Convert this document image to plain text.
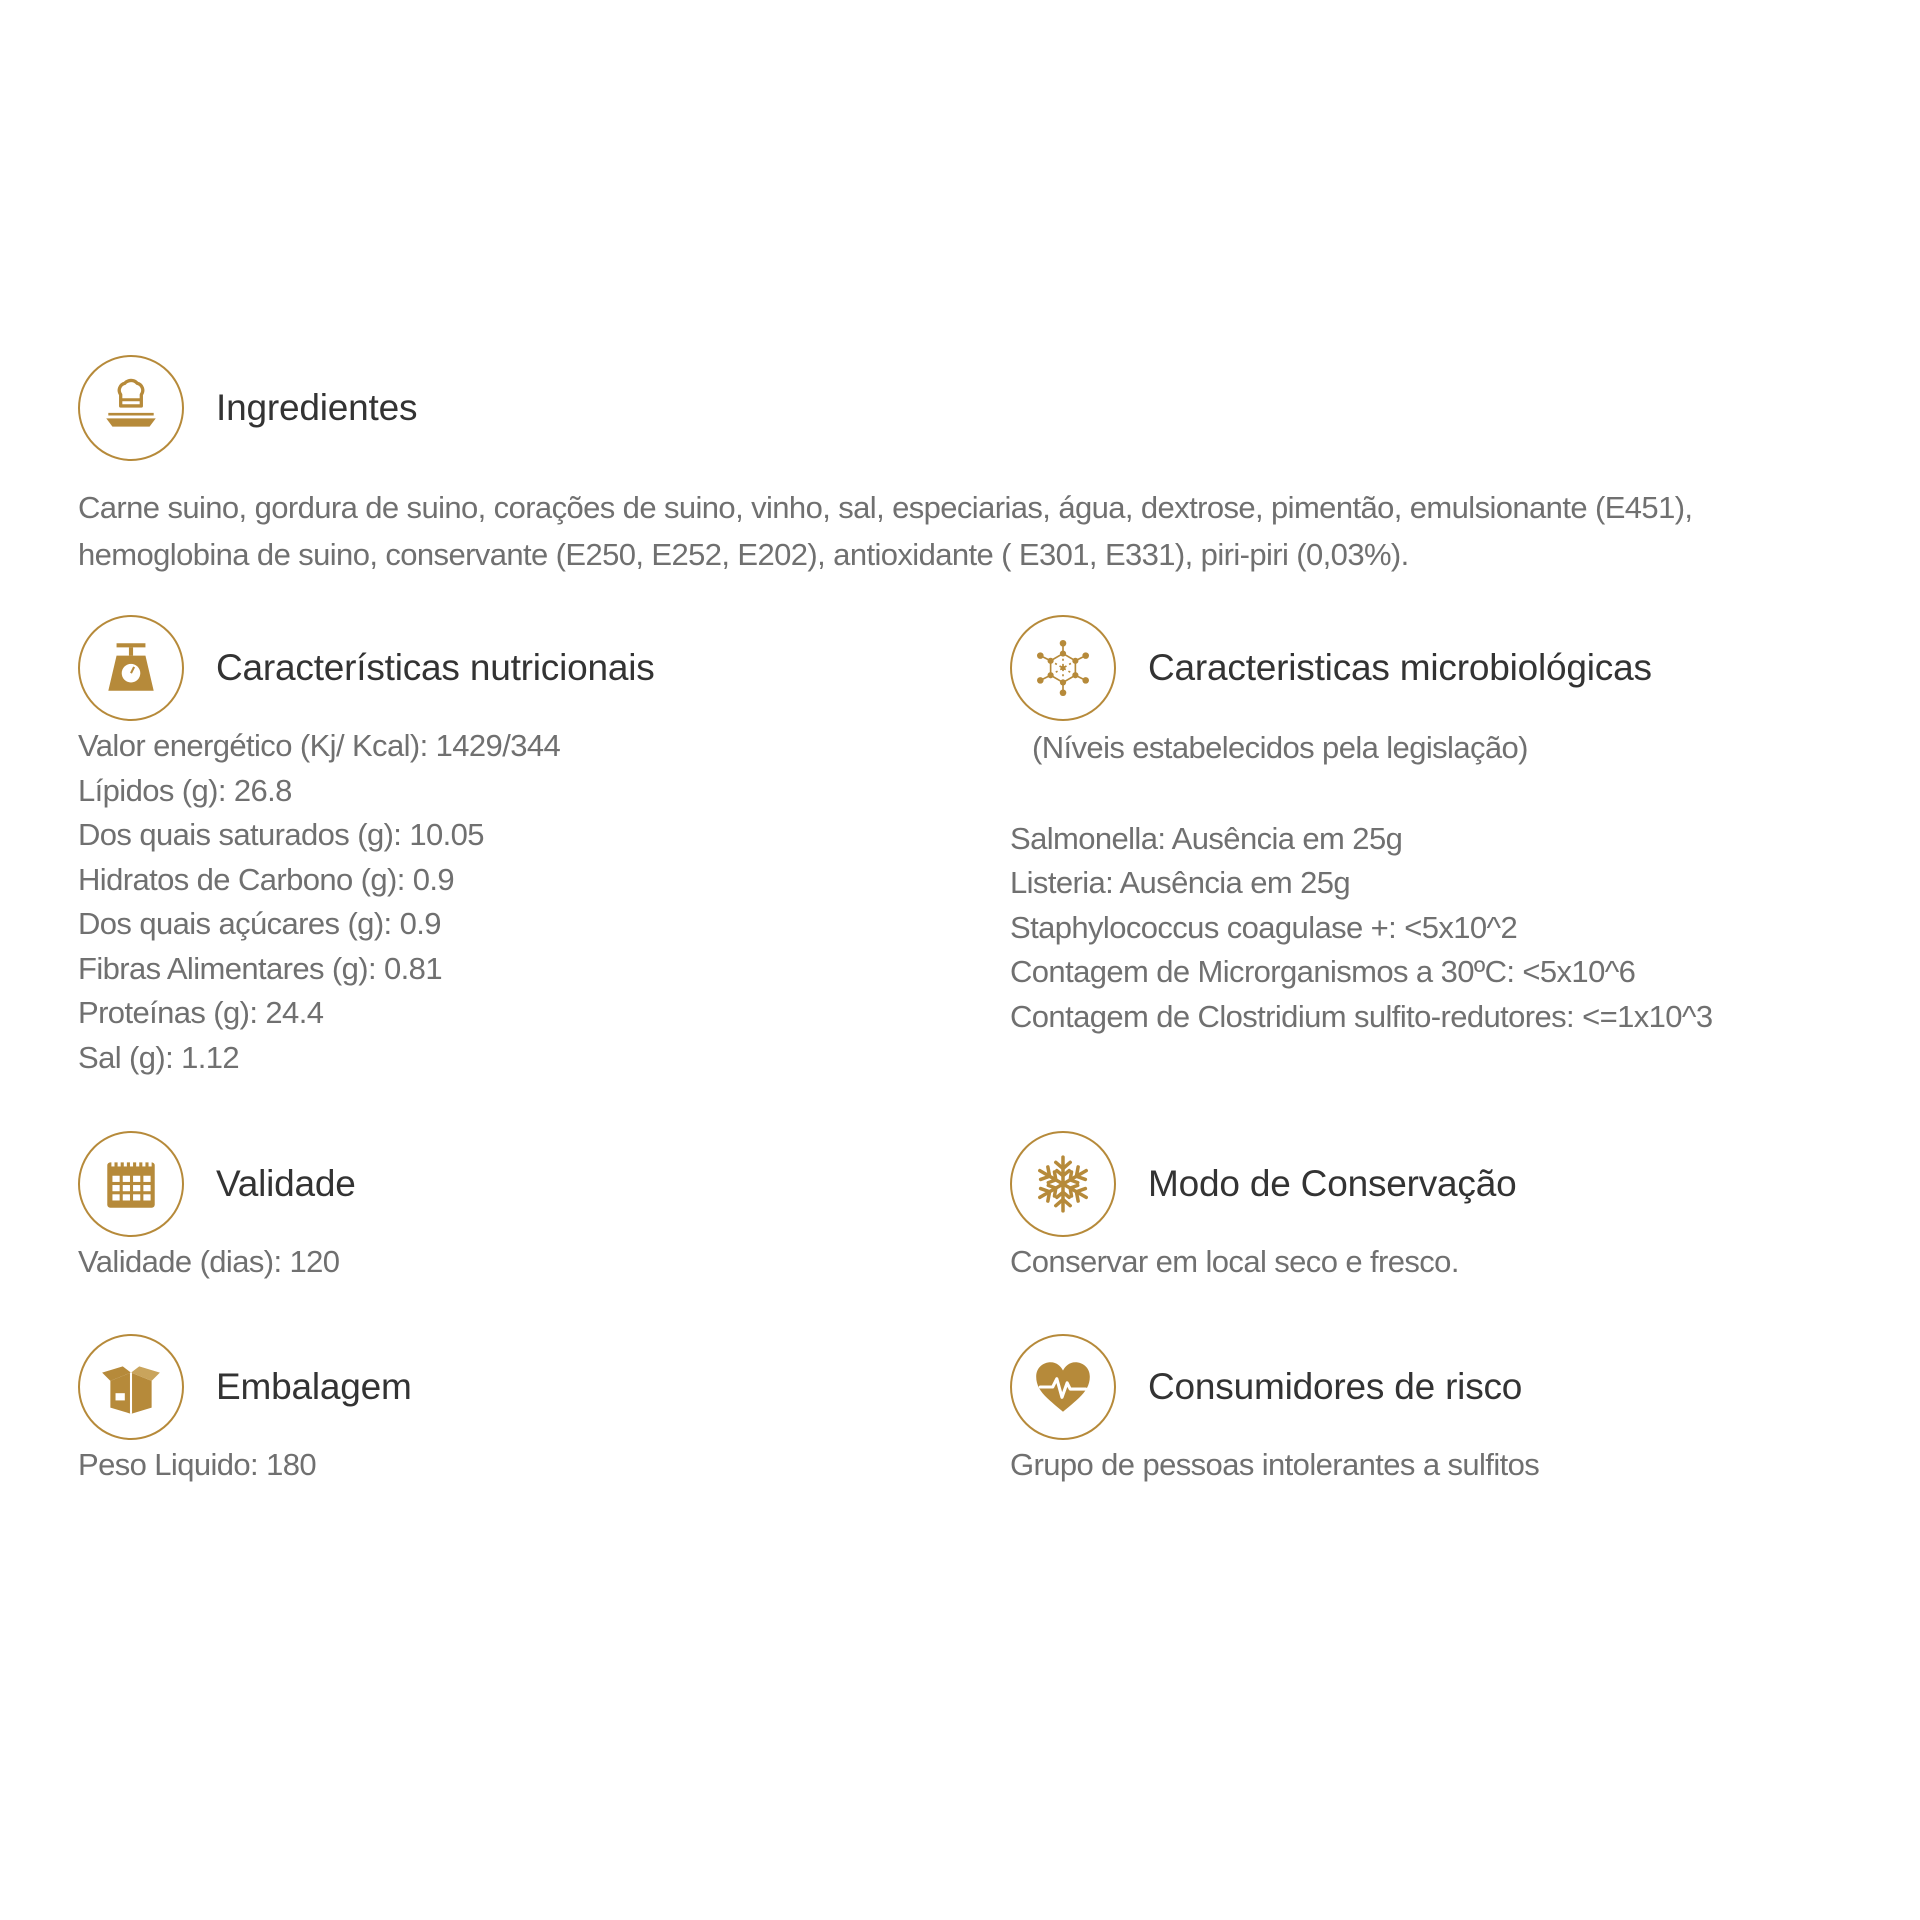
Ingredientes
Carne suino, gordura de suino, corações de suino, vinho, sal, especiarias, água, dextrose, pimentão, emulsionante (E451), hemoglobina de suino, conservante (E250, E252, E202), antioxidante ( E301, E331), piri-piri (0,03%).
Características nutricionais
Valor energético (Kj/ Kcal): 1429/344
Lípidos (g): 26.8
Dos quais saturados (g): 10.05
Hidratos de Carbono (g): 0.9
Dos quais açúcares (g): 0.9
Fibras Alimentares (g): 0.81
Proteínas (g): 24.4
Sal (g): 1.12
Caracteristicas microbiológicas
(Níveis estabelecidos pela legislação)
Salmonella: Ausência em 25g
Listeria: Ausência em 25g
Staphylococcus coagulase +: <5x10^2
Contagem de Microrganismos a 30ºC: <5x10^6
Contagem de Clostridium sulfito-redutores: <=1x10^3
Validade
Validade (dias): 120
Modo de Conservação
Conservar em local seco e fresco.
Embalagem
Peso Liquido: 180
Consumidores de risco
Grupo de pessoas intolerantes a sulfitos
